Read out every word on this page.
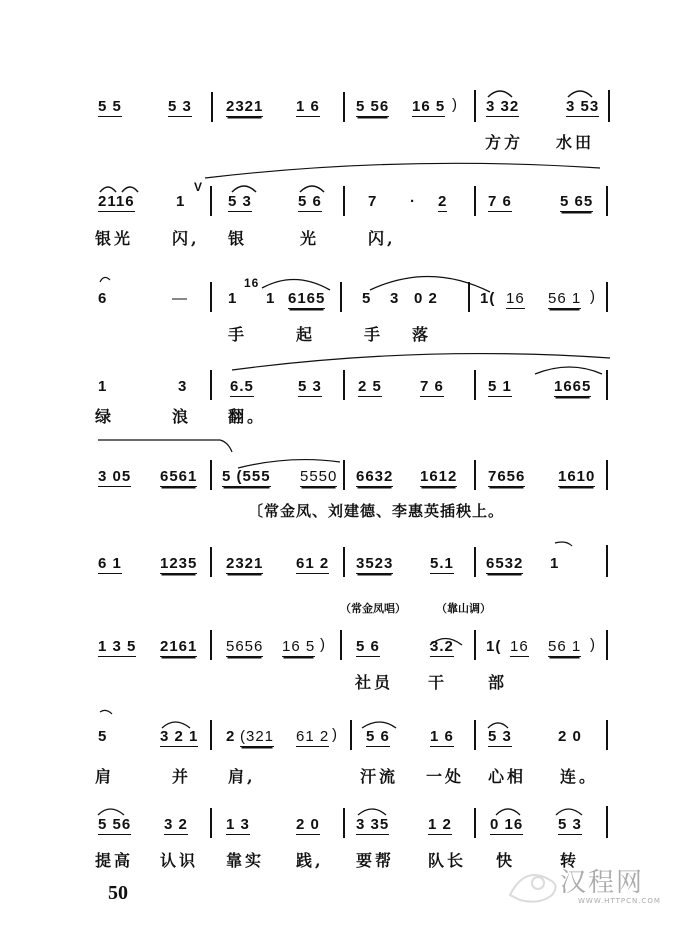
5 5	5 3 2321 1 6 5 56 16 5 ) 3 32	3 53
方方 水田
2116	1
V
5 3	5 6	7 · 2	7 6	5 65
银光 闪, 银	光	闪,
6	—	1
16
1 6165 5 3 0 2	1( 16 56 1 )
手	起	手 落
1	3	6.5	5 3 2 5	7 6	5 1	1665
绿	浪 翻。
3 05 6561 5 (555 5550 6632 1612 7656 1610
〔常金凤、刘建德、李惠英插秧上。
6 1	1235 2321 61 2 3523 5.1 6532 1
（常金凤唱）	（靠山调）
1 3 5 2161 5656 16 5 ) 5 6	3.2 1( 16 56 1 )
社员 干	部
5	3 2 1 2 (321 61 2 ) 5 6	1 6 5 3	2 0
肩	并 肩,	汗流 一处 心相 连。
5 56 3 2	1 3	2 0 3 35	1 2	0 16 5 3
提高 认识 靠实 践, 要帮 队长 快	转
50	汉程网
WWW.HTTPCN.COM
